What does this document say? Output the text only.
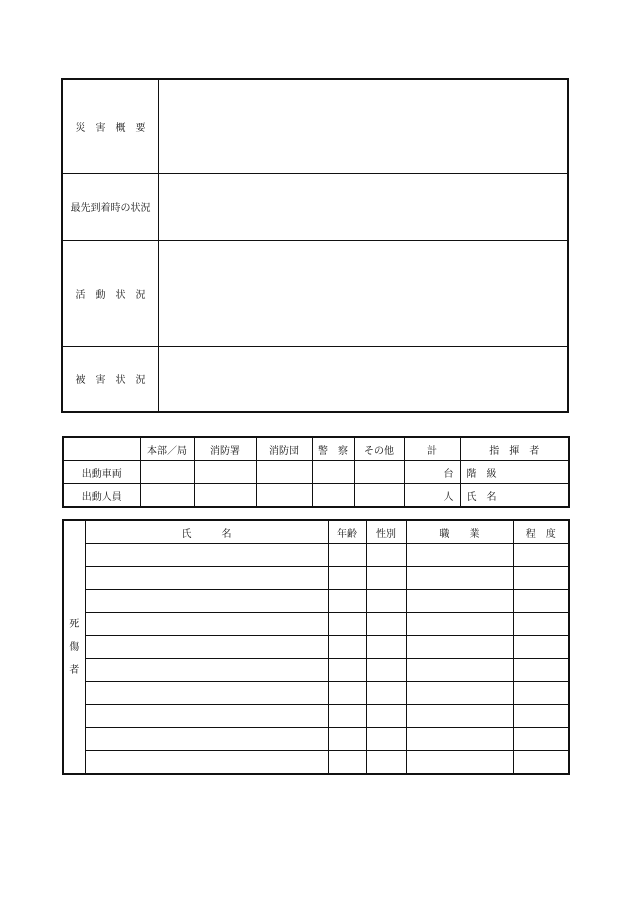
災　害　概　要	
最先到着時の状況	
活　動　状　況	
被　害　状　況	
	本部／局	消防署	消防団	警　察	その他	計	指　揮　者
出動車両						台	階　級
出動人員						人	氏　名
死傷者	氏　　　名	年齢	性別	職　　業	程　度
